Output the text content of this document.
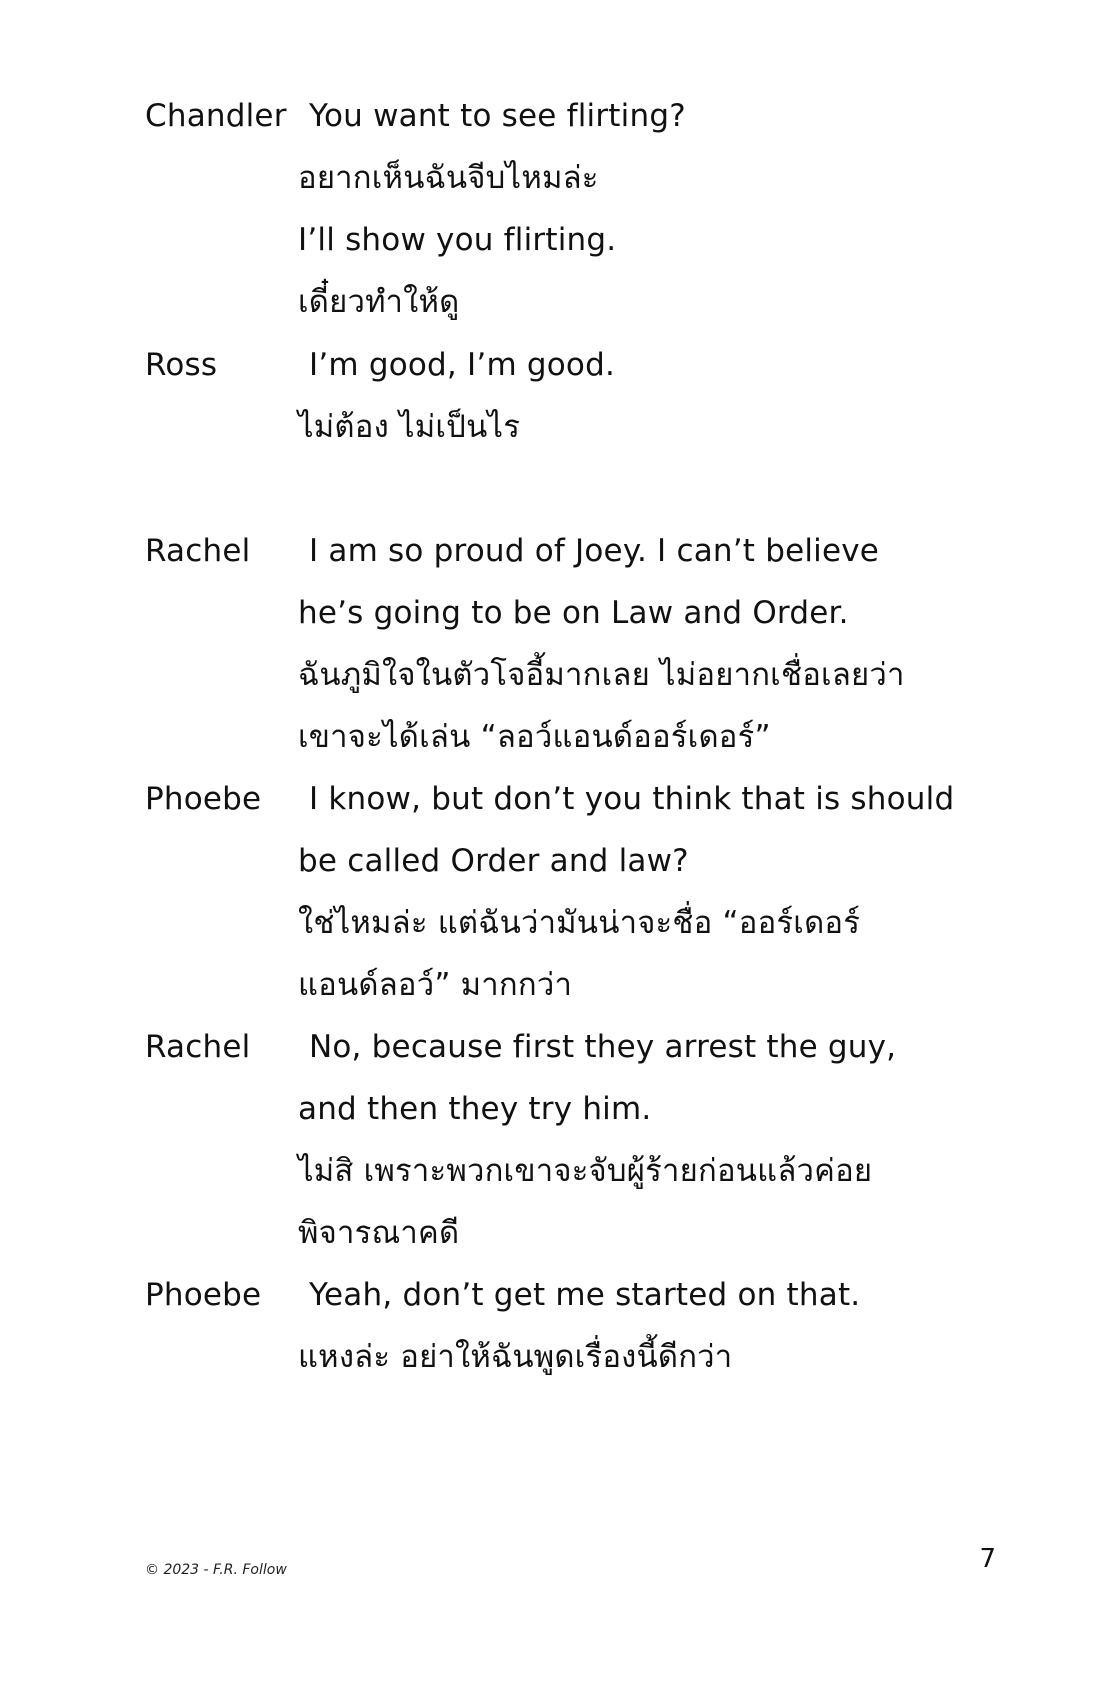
Chandler You want to see flirting?
อยากเห็นฉันจีบไหมล่ะ
I’ll show you flirting.
เดี๋ยวทำให้ดู
Ross	I’m good, I’m good.
ไม่ต้อง ไม่เป็นไร
Rachel I am so proud of Joey. I can’t believe
he’s going to be on Law and Order.
ฉันภูมิใจในตัวโจอี้มากเลย ไม่อยากเชื่อเลยว่า
เขาจะได้เล่น “ลอว์แอนด์ออร์เดอร์”
Phoebe I know, but don’t you think that is should
be called Order and law?
ใช่ไหมล่ะ แต่ฉันว่ามันน่าจะชื่อ “ออร์เดอร์
แอนด์ลอว์” มากกว่า
Rachel No, because first they arrest the guy,
and then they try him.
ไม่สิ เพราะพวกเขาจะจับผู้ร้ายก่อนแล้วค่อย
พิจารณาคดี
Phoebe Yeah, don’t get me started on that.
แหงล่ะ อย่าให้ฉันพูดเรื่องนี้ดีกว่า
© 2023 - F.R. Follow	7
